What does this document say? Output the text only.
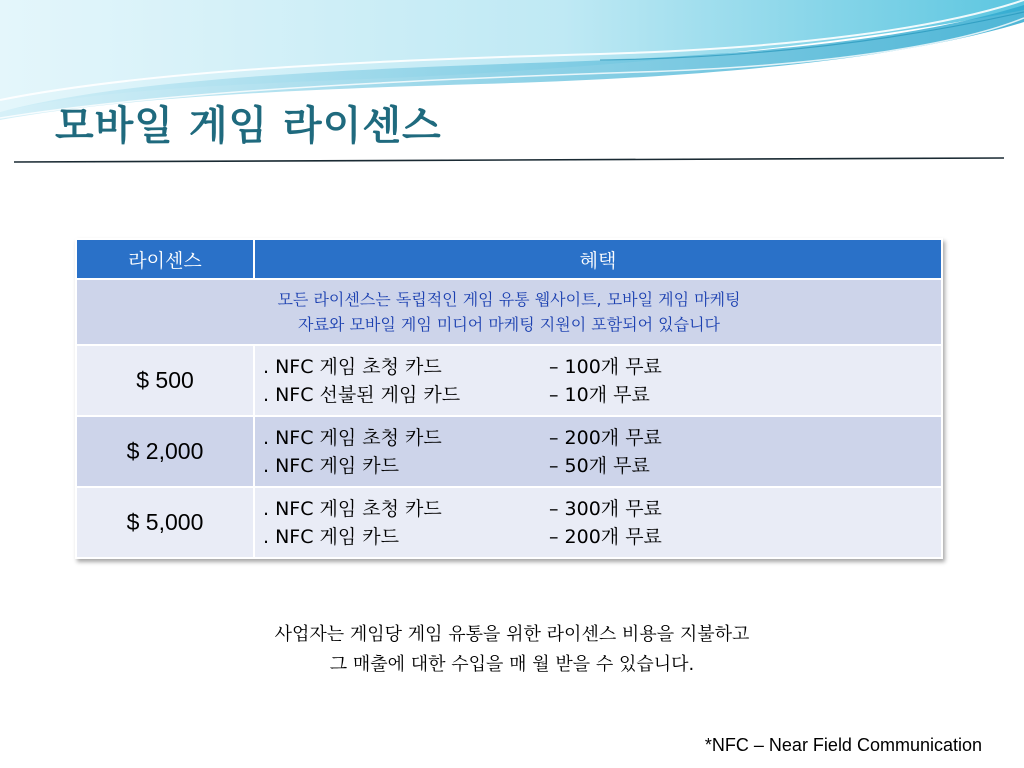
모바일 게임 라이센스
라이센스	혜택

모든 라이센스는 독립적인 게임 유통 웹사이트, 모바일 게임 마케팅
자료와 모바일 게임 미디어 마케팅 지원이 포함되어 있습니다	

$ 500	. NFC 게임 초청 카드 – 100개 무료
. NFC 선불된 게임 카드 – 10개 무료

$ 2,000	. NFC 게임 초청 카드 – 200개 무료
. NFC 게임 카드 – 50개 무료

$ 5,000	. NFC 게임 초청 카드 – 300개 무료
. NFC 게임 카드 – 200개 무료

사업자는 게임당 게임 유통을 위한 라이센스 비용을 지불하고

그 매출에 대한 수입을 매 월 받을 수 있습니다.

*NFC – Near Field Communication
